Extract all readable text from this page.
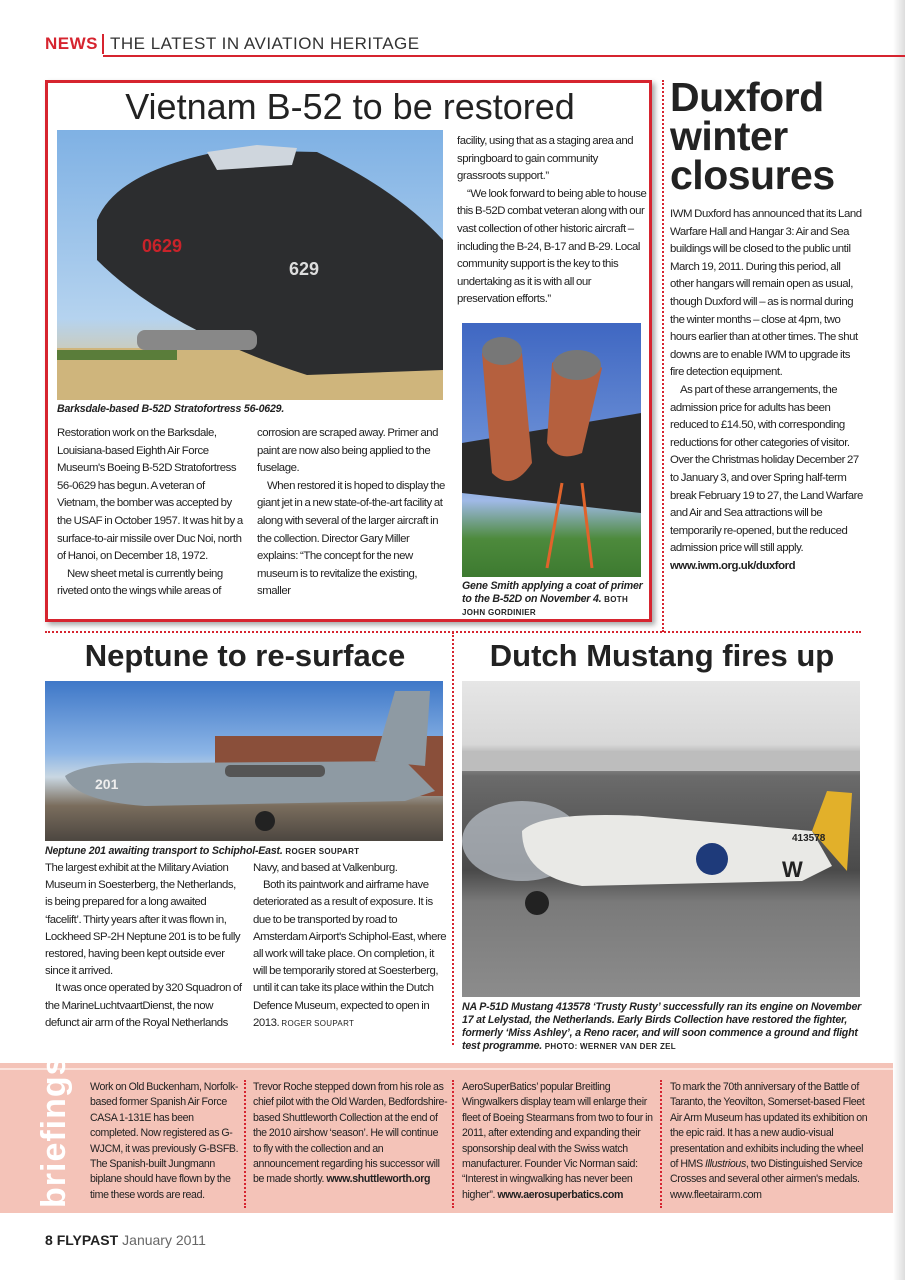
NEWS THE LATEST IN AVIATION HERITAGE
Vietnam B-52 to be restored
0629
629
Barksdale-based B-52D Stratofortress 56-0629.

Restoration work on the Barksdale, Louisiana-based Eighth Air Force Museum's Boeing B-52D Stratofortress 56-0629 has begun. A veteran of Vietnam, the bomber was accepted by the USAF in October 1957. It was hit by a surface-to-air missile over Duc Noi, north of Hanoi, on December 18, 1972.

New sheet metal is currently being riveted onto the wings while areas of

corrosion are scraped away. Primer and paint are now also being applied to the fuselage.

When restored it is hoped to display the giant jet in a new state-of-the-art facility at along with several of the larger aircraft in the collection. Director Gary Miller explains: “The concept for the new museum is to revitalize the existing, smaller

facility, using that as a staging area and springboard to gain community grassroots support.”

“We look forward to being able to house this B-52D combat veteran along with our vast collection of other historic aircraft – including the B-24, B-17 and B-29. Local community support is the key to this undertaking as it is with all our preservation efforts.”

Gene Smith applying a coat of primer to the B-52D on November 4. BOTH JOHN GORDINIER
Duxford winter closures

IWM Duxford has announced that its Land Warfare Hall and Hangar 3: Air and Sea buildings will be closed to the public until March 19, 2011. During this period, all other hangars will remain open as usual, though Duxford will – as is normal during the winter months – close at 4pm, two hours earlier than at other times. The shut downs are to enable IWM to upgrade its fire detection equipment.

As part of these arrangements, the admission price for adults has been reduced to £14.50, with corresponding reductions for other categories of visitor. Over the Christmas holiday December 27 to January 3, and over Spring half-term break February 19 to 27, the Land Warfare and Air and Sea attractions will be temporarily re-opened, but the reduced admission price will still apply.

www.iwm.org.uk/duxford
Neptune to re-surface
201
Neptune 201 awaiting transport to Schiphol-East. ROGER SOUPART

The largest exhibit at the Military Aviation Museum in Soesterberg, the Netherlands, is being prepared for a long awaited ‘facelift’. Thirty years after it was flown in, Lockheed SP-2H Neptune 201 is to be fully restored, having been kept outside ever since it arrived.

It was once operated by 320 Squadron of the MarineLuchtvaartDienst, the now defunct air arm of the Royal Netherlands

Navy, and based at Valkenburg.

Both its paintwork and airframe have deteriorated as a result of exposure. It is due to be transported by road to Amsterdam Airport's Schiphol-East, where all work will take place. On completion, it will be temporarily stored at Soesterberg, until it can take its place within the Dutch Defence Museum, expected to open in 2013. ROGER SOUPART

Dutch Mustang fires up
W
413578
NA P-51D Mustang 413578 ‘Trusty Rusty’ successfully ran its engine on November 17 at Lelystad, the Netherlands. Early Birds Collection have restored the fighter, formerly ‘Miss Ashley’, a Reno racer, and will soon commence a ground and flight test programme. PHOTO: WERNER VAN DER ZEL
briefings Work on Old Buckenham, Norfolk-based former Spanish Air Force CASA 1-131E has been completed. Now registered as G-WJCM, it was previously G-BSFB. The Spanish-built Jungmann biplane should have flown by the time these words are read.
Trevor Roche stepped down from his role as chief pilot with the Old Warden, Bedfordshire-based Shuttleworth Collection at the end of the 2010 airshow ‘season’. He will continue to fly with the collection and an announcement regarding his successor will be made shortly. www.shuttleworth.org
AeroSuperBatics’ popular Breitling Wingwalkers display team will enlarge their fleet of Boeing Stearmans from two to four in 2011, after extending and expanding their sponsorship deal with the Swiss watch manufacturer. Founder Vic Norman said: “Interest in wingwalking has never been higher”. www.aerosuperbatics.com
To mark the 70th anniversary of the Battle of Taranto, the Yeovilton, Somerset-based Fleet Air Arm Museum has updated its exhibition on the epic raid. It has a new audio-visual presentation and exhibits including the wheel of HMS Illustrious, two Distinguished Service Crosses and several other airmen's medals. www.fleetairarm.com
8 FLYPAST January 2011
